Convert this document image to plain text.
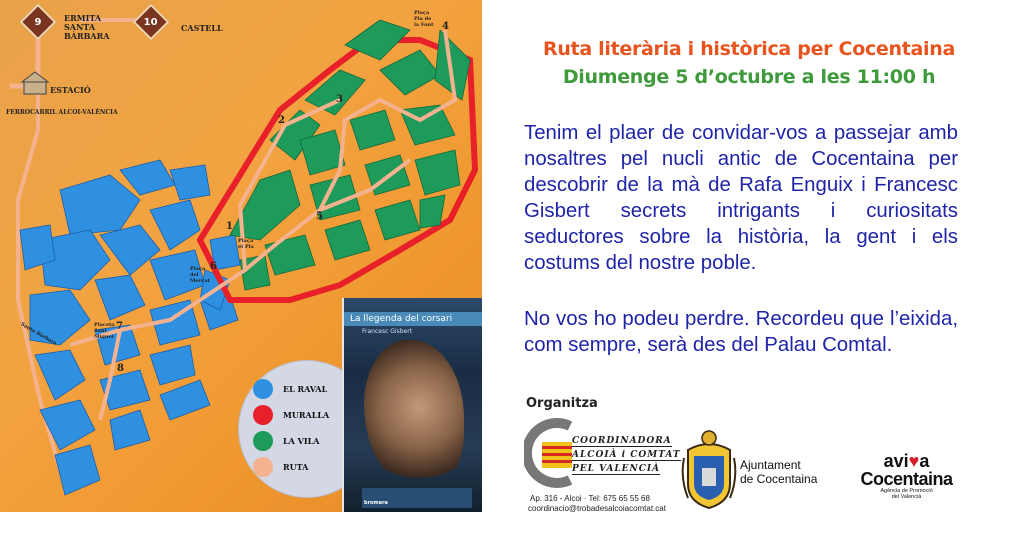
9	ERMITA
SANTA
BÀRBARA
10
CASTELL
ESTACIÓ
FERROCARRIL ALCOI-VALÈNCIA
1
2
3
4
5
6
7
8
Plaça
Pla de
la Font
Plaça
el Pla
Plaça
del
Mercat
Placeta
Sant
Miquel
Santa Bàrbara
EL RAVAL
MURALLA
LA VILA
RUTA
La llegenda del corsari
Francesc Gisbert
bromera
Ruta literària i històrica per Cocentaina
Diumenge 5 d’octubre a les 11:00 h
Tenim el plaer de convidar-vos a passejar amb nosaltres pel nucli antic de Cocentaina per descobrir de la mà de Rafa Enguix i Francesc Gisbert secrets intrigants i curiositats seductores sobre la història, la gent i els costums del nostre poble.
No vos ho podeu perdre. Recordeu que l’eixida, com sempre, serà des del Palau Comtal.
Organitza
COORDINADORA
ALCOIÀ i COMTAT
PEL VALENCIÀ
Ap. 316 - Alcoi · Tel: 675 65 55 68
coordinacio@trobadesalcoiacomtat.cat
Ajuntament
de Cocentaina
avi♥a
Cocentaina
Agència de Promoció
del Valencià
